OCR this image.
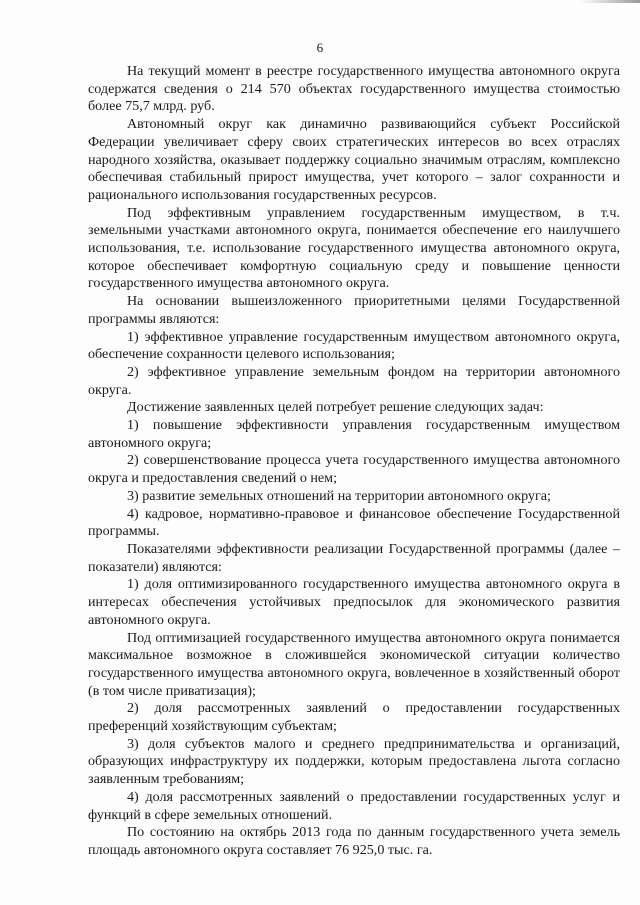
6

На текущий момент в реестре государственного имущества автономного округа содержатся сведения о 214 570 объектах государственного имущества стоимостью более 75,7 млрд. руб.

Автономный округ как динамично развивающийся субъект Российской Федерации увеличивает сферу своих стратегических интересов во всех отраслях народного хозяйства, оказывает поддержку социально значимым отраслям, комплексно обеспечивая стабильный прирост имущества, учет которого – залог сохранности и рационального использования государственных ресурсов.

Под эффективным управлением государственным имуществом, в т.ч. земельными участками автономного округа, понимается обеспечение его наилучшего использования, т.е. использование государственного имущества автономного округа, которое обеспечивает комфортную социальную среду и повышение ценности государственного имущества автономного округа.

На основании вышеизложенного приоритетными целями Государственной программы являются:

1) эффективное управление государственным имуществом автономного округа, обеспечение сохранности целевого использования;

2) эффективное управление земельным фондом на территории автономного округа.

Достижение заявленных целей потребует решение следующих задач:

1) повышение эффективности управления государственным имуществом автономного округа;

2) совершенствование процесса учета государственного имущества автономного округа и предоставления сведений о нем;

3) развитие земельных отношений на территории автономного округа;

4) кадровое, нормативно-правовое и финансовое обеспечение Государственной программы.

Показателями эффективности реализации Государственной программы (далее – показатели) являются:

1) доля оптимизированного государственного имущества автономного округа в интересах обеспечения устойчивых предпосылок для экономического развития автономного округа.

Под оптимизацией государственного имущества автономного округа понимается максимальное возможное в сложившейся экономической ситуации количество государственного имущества автономного округа, вовлеченное в хозяйственный оборот (в том числе приватизация);

2) доля рассмотренных заявлений о предоставлении государственных преференций хозяйствующим субъектам;

3) доля субъектов малого и среднего предпринимательства и организаций, образующих инфраструктуру их поддержки, которым предоставлена льгота согласно заявленным требованиям;

4) доля рассмотренных заявлений о предоставлении государственных услуг и функций в сфере земельных отношений.

По состоянию на октябрь 2013 года по данным государственного учета земель площадь автономного округа составляет 76 925,0 тыс. га.
